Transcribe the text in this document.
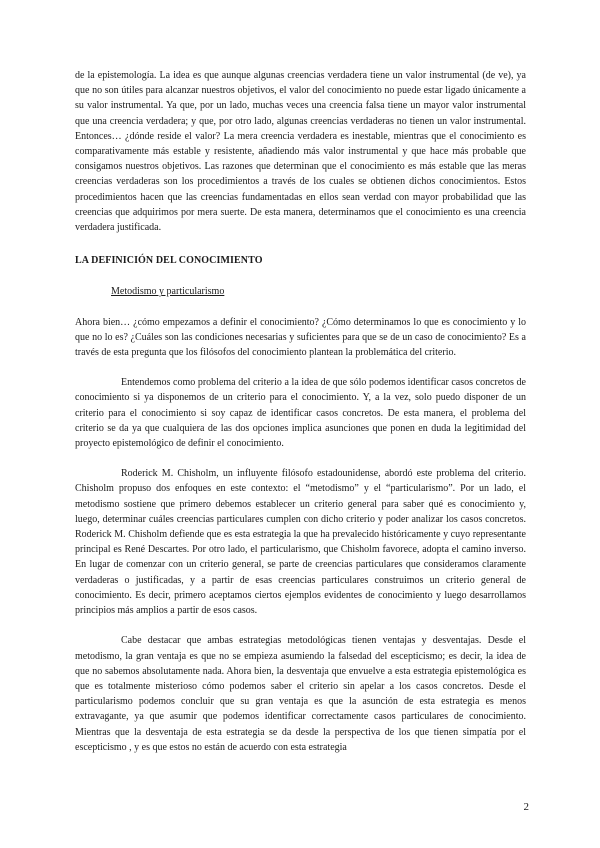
de la epistemología. La idea es que aunque algunas creencias verdadera tiene un valor instrumental (de ve), ya que no son útiles para alcanzar nuestros objetivos, el valor del conocimiento no puede estar ligado únicamente a su valor instrumental. Ya que, por un lado, muchas veces una creencia falsa tiene un mayor valor instrumental que una creencia verdadera; y que, por otro lado, algunas creencias verdaderas no tienen un valor instrumental. Entonces… ¿dónde reside el valor? La mera creencia verdadera es inestable, mientras que el conocimiento es comparativamente más estable y resistente, añadiendo más valor instrumental y que hace más probable que consigamos nuestros objetivos. Las razones que determinan que el conocimiento es más estable que las meras creencias verdaderas son los procedimientos a través de los cuales se obtienen dichos conocimientos. Estos procedimientos hacen que las creencias fundamentadas en ellos sean verdad con mayor probabilidad que las creencias que adquirimos por mera suerte. De esta manera, determinamos que el conocimiento es una creencia verdadera justificada.

LA DEFINICIÓN DEL CONOCIMIENTO

Metodismo y particularismo

Ahora bien… ¿cómo empezamos a definir el conocimiento? ¿Cómo determinamos lo que es conocimiento y lo que no lo es? ¿Cuáles son las condiciones necesarias y suficientes para que se de un caso de conocimiento? Es a través de esta pregunta que los filósofos del conocimiento plantean la problemática del criterio.

Entendemos como problema del criterio a la idea de que sólo podemos identificar casos concretos de conocimiento si ya disponemos de un criterio para el conocimiento. Y, a la vez, solo puedo disponer de un criterio para el conocimiento si soy capaz de identificar casos concretos. De esta manera, el problema del criterio se da ya que cualquiera de las dos opciones implica asunciones que ponen en duda la legitimidad del proyecto epistemológico de definir el conocimiento.

Roderick M. Chisholm, un influyente filósofo estadounidense, abordó este problema del criterio. Chisholm propuso dos enfoques en este contexto: el “metodismo” y el “particularismo”. Por un lado, el metodismo sostiene que primero debemos establecer un criterio general para saber qué es conocimiento y, luego, determinar cuáles creencias particulares cumplen con dicho criterio y poder analizar los casos concretos. Roderick M. Chisholm defiende que es esta estrategia la que ha prevalecido históricamente y cuyo representante principal es René Descartes. Por otro lado, el particularismo, que Chisholm favorece, adopta el camino inverso. En lugar de comenzar con un criterio general, se parte de creencias particulares que consideramos claramente verdaderas o justificadas, y a partir de esas creencias particulares construimos un criterio general de conocimiento. Es decir, primero aceptamos ciertos ejemplos evidentes de conocimiento y luego desarrollamos principios más amplios a partir de esos casos.

Cabe destacar que ambas estrategias metodológicas tienen ventajas y desventajas. Desde el metodismo, la gran ventaja es que no se empieza asumiendo la falsedad del escepticismo; es decir, la idea de que no sabemos absolutamente nada. Ahora bien, la desventaja que envuelve a esta estrategia epistemológica es que es totalmente misterioso cómo podemos saber el criterio sin apelar a los casos concretos. Desde el particularismo podemos concluir que su gran ventaja es que la asunción de esta estrategia es menos extravagante, ya que asumir que podemos identificar correctamente casos particulares de conocimiento. Mientras que la desventaja de esta estrategia se da desde la perspectiva de los que tienen simpatía por el escepticismo , y es que estos no están de acuerdo con esta estrategia

2
